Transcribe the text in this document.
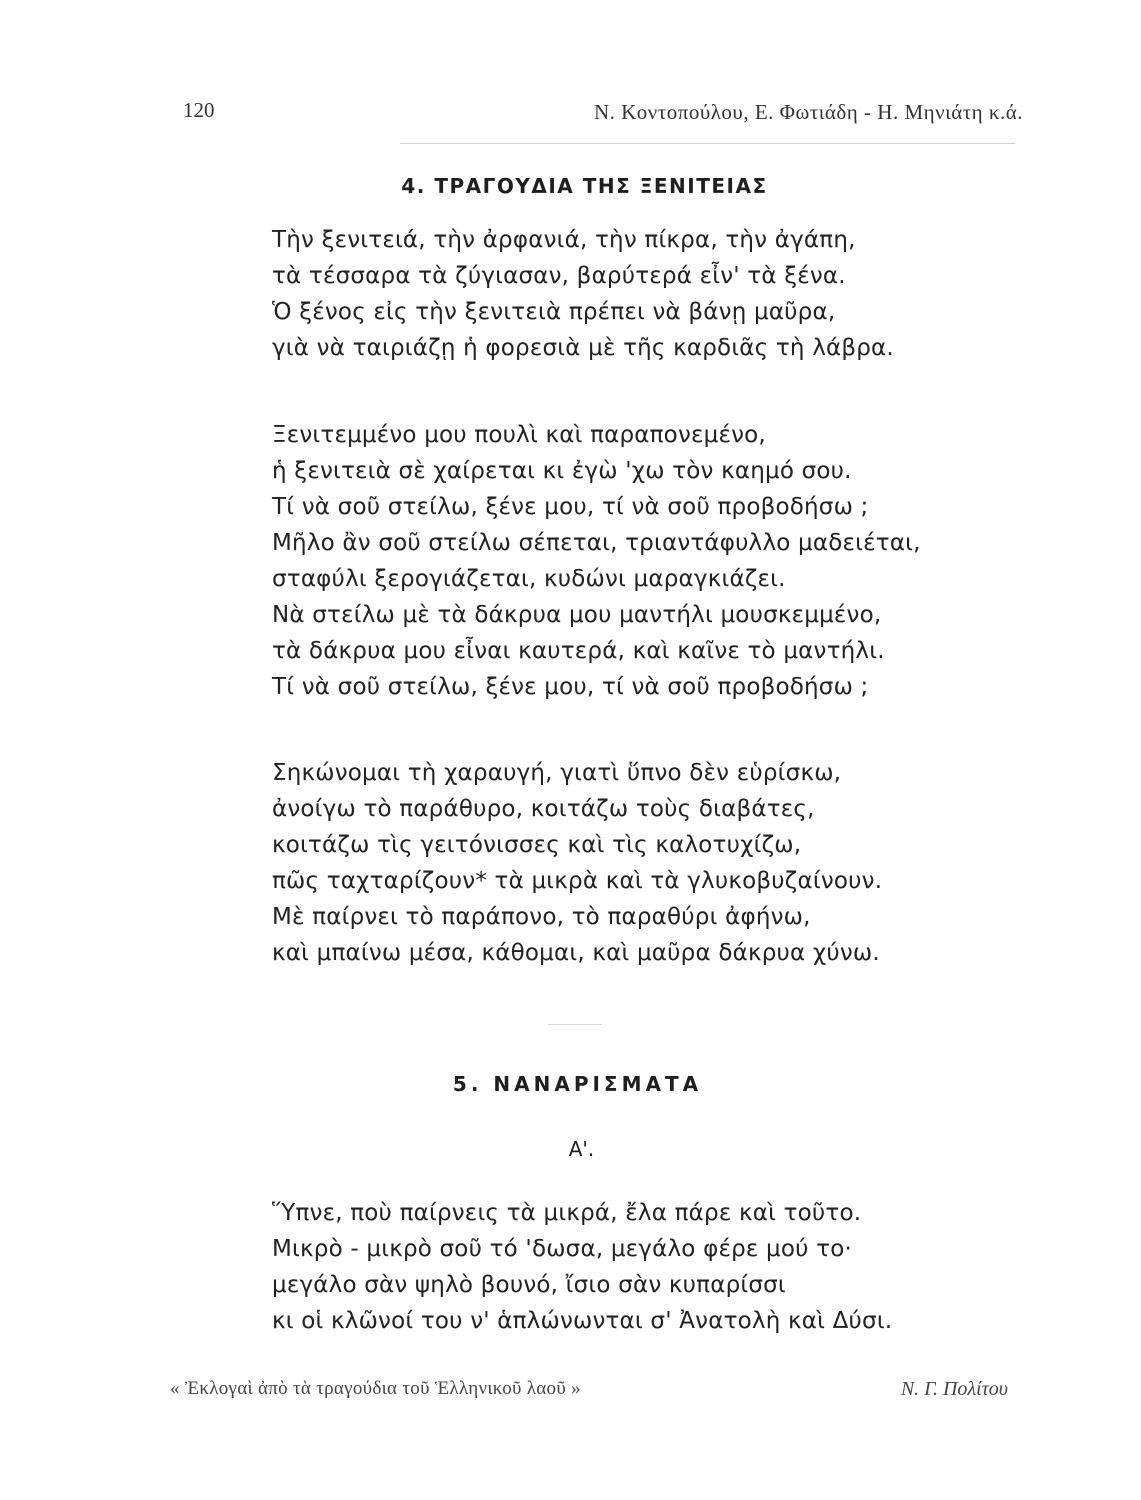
120	Ν. Κοντοπούλου, Ε. Φωτιάδη - Η. Μηνιάτη κ.ά.
4. ΤΡΑΓΟΥΔΙΑ ΤΗΣ ΞΕΝΙΤΕΙΑΣ
Τὴν ξενιτειά, τὴν ἀρφανιά, τὴν πίκρα, τὴν ἀγάπη,
τὰ τέσσαρα τὰ ζύγιασαν, βαρύτερά εἶν' τὰ ξένα.
Ὁ ξένος εἰς τὴν ξενιτειὰ πρέπει νὰ βάνῃ μαῦρα,
γιὰ νὰ ταιριάζῃ ἡ φορεσιὰ μὲ τῆς καρδιᾶς τὴ λάβρα.
Ξενιτεμμένο μου πουλὶ καὶ παραπονεμένο,
ἡ ξενιτειὰ σὲ χαίρεται κι ἐγὼ 'χω τὸν καημό σου.
Τί νὰ σοῦ στείλω, ξένε μου, τί νὰ σοῦ προβοδήσω ;
Μῆλο ἂν σοῦ στείλω σέπεται, τριαντάφυλλο μαδειέται,
σταφύλι ξερογιάζεται, κυδώνι μαραγκιάζει.
Νὰ στείλω μὲ τὰ δάκρυα μου μαντήλι μουσκεμμένο,
τὰ δάκρυα μου εἶναι καυτερά, καὶ καῖνε τὸ μαντήλι.
Τί νὰ σοῦ στείλω, ξένε μου, τί νὰ σοῦ προβοδήσω ;
Σηκώνομαι τὴ χαραυγή, γιατὶ ὕπνο δὲν εὑρίσκω,
ἀνοίγω τὸ παράθυρο, κοιτάζω τοὺς διαβάτες,
κοιτάζω τὶς γειτόνισσες καὶ τὶς καλοτυχίζω,
πῶς ταχταρίζουν* τὰ μικρὰ καὶ τὰ γλυκοβυζαίνουν.
Μὲ παίρνει τὸ παράπονο, τὸ παραθύρι ἀφήνω,
καὶ μπαίνω μέσα, κάθομαι, καὶ μαῦρα δάκρυα χύνω.
5. ΝΑΝΑΡΙΣΜΑΤΑ
Α'.
Ὕπνε, ποὺ παίρνεις τὰ μικρά, ἔλα πάρε καὶ τοῦτο.
Μικρὸ - μικρὸ σοῦ τό 'δωσα, μεγάλο φέρε μού το·
μεγάλο σὰν ψηλὸ βουνό, ἴσιο σὰν κυπαρίσσι
κι οἱ κλῶνοί του ν' ἁπλώνωνται σ' Ἀνατολὴ καὶ Δύσι.
« Ἐκλογαὶ ἀπὸ τὰ τραγούδια τοῦ Ἑλληνικοῦ λαοῦ »	Ν. Γ. Πολίτου
